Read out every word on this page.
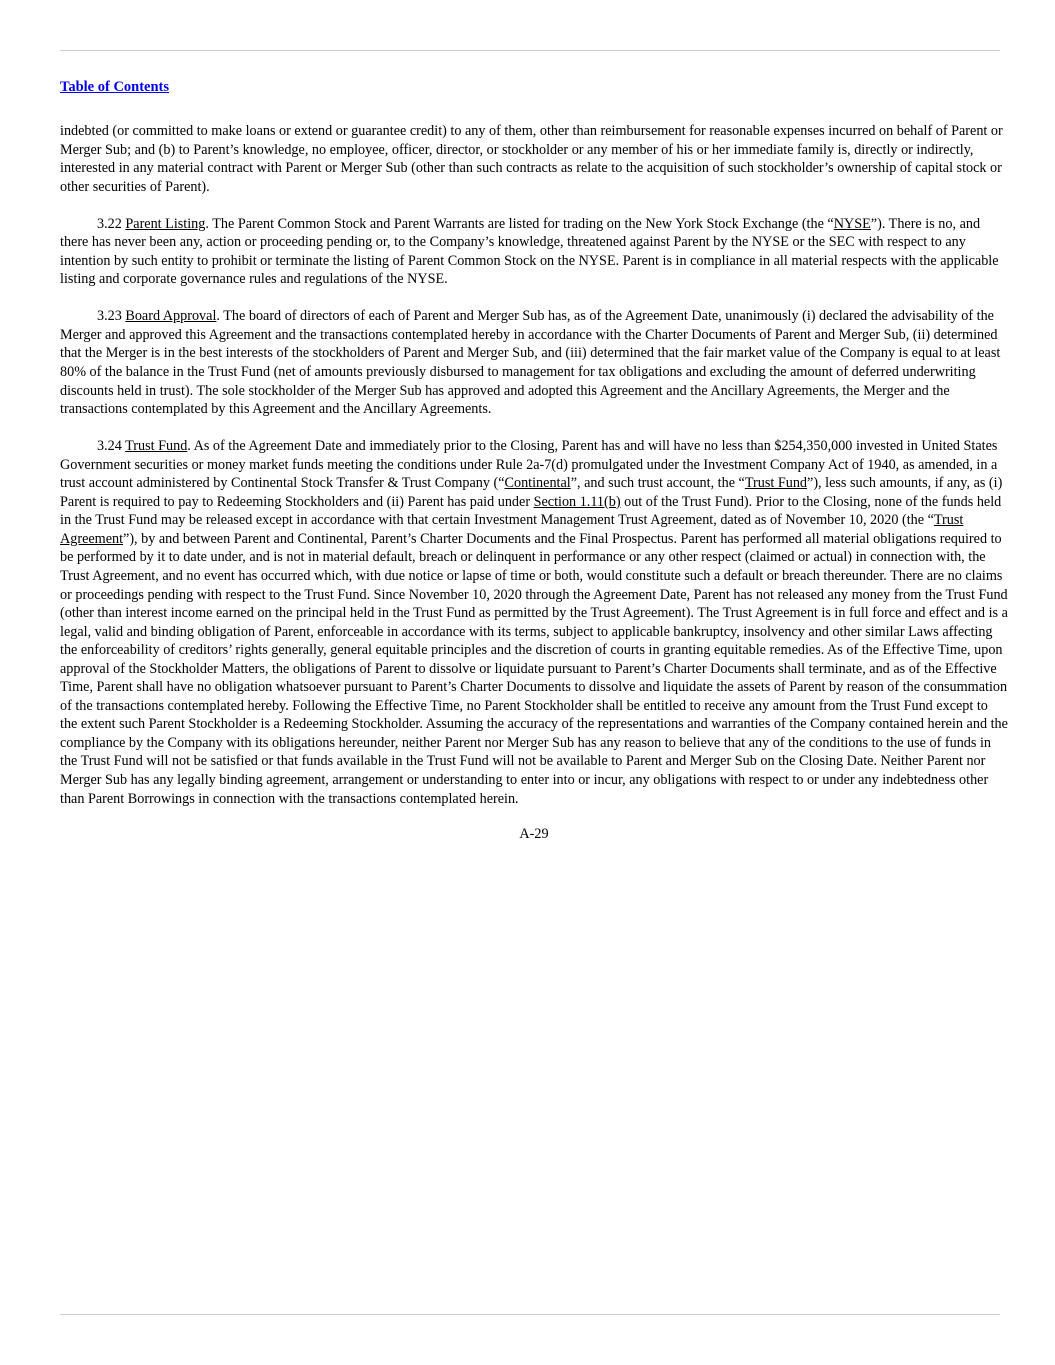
Table of Contents

indebted (or committed to make loans or extend or guarantee credit) to any of them, other than reimbursement for reasonable expenses incurred on behalf of Parent or Merger Sub; and (b) to Parent’s knowledge, no employee, officer, director, or stockholder or any member of his or her immediate family is, directly or indirectly, interested in any material contract with Parent or Merger Sub (other than such contracts as relate to the acquisition of such stockholder’s ownership of capital stock or other securities of Parent).

3.22 Parent Listing. The Parent Common Stock and Parent Warrants are listed for trading on the New York Stock Exchange (the “NYSE”). There is no, and there has never been any, action or proceeding pending or, to the Company’s knowledge, threatened against Parent by the NYSE or the SEC with respect to any intention by such entity to prohibit or terminate the listing of Parent Common Stock on the NYSE. Parent is in compliance in all material respects with the applicable listing and corporate governance rules and regulations of the NYSE.

3.23 Board Approval. The board of directors of each of Parent and Merger Sub has, as of the Agreement Date, unanimously (i) declared the advisability of the Merger and approved this Agreement and the transactions contemplated hereby in accordance with the Charter Documents of Parent and Merger Sub, (ii) determined that the Merger is in the best interests of the stockholders of Parent and Merger Sub, and (iii) determined that the fair market value of the Company is equal to at least 80% of the balance in the Trust Fund (net of amounts previously disbursed to management for tax obligations and excluding the amount of deferred underwriting discounts held in trust). The sole stockholder of the Merger Sub has approved and adopted this Agreement and the Ancillary Agreements, the Merger and the transactions contemplated by this Agreement and the Ancillary Agreements.

3.24 Trust Fund. As of the Agreement Date and immediately prior to the Closing, Parent has and will have no less than $254,350,000 invested in United States Government securities or money market funds meeting the conditions under Rule 2a-7(d) promulgated under the Investment Company Act of 1940, as amended, in a trust account administered by Continental Stock Transfer & Trust Company (“Continental”, and such trust account, the “Trust Fund”), less such amounts, if any, as (i) Parent is required to pay to Redeeming Stockholders and (ii) Parent has paid under Section 1.11(b) out of the Trust Fund). Prior to the Closing, none of the funds held in the Trust Fund may be released except in accordance with that certain Investment Management Trust Agreement, dated as of November 10, 2020 (the “Trust Agreement”), by and between Parent and Continental, Parent’s Charter Documents and the Final Prospectus. Parent has performed all material obligations required to be performed by it to date under, and is not in material default, breach or delinquent in performance or any other respect (claimed or actual) in connection with, the Trust Agreement, and no event has occurred which, with due notice or lapse of time or both, would constitute such a default or breach thereunder. There are no claims or proceedings pending with respect to the Trust Fund. Since November 10, 2020 through the Agreement Date, Parent has not released any money from the Trust Fund (other than interest income earned on the principal held in the Trust Fund as permitted by the Trust Agreement). The Trust Agreement is in full force and effect and is a legal, valid and binding obligation of Parent, enforceable in accordance with its terms, subject to applicable bankruptcy, insolvency and other similar Laws affecting the enforceability of creditors’ rights generally, general equitable principles and the discretion of courts in granting equitable remedies. As of the Effective Time, upon approval of the Stockholder Matters, the obligations of Parent to dissolve or liquidate pursuant to Parent’s Charter Documents shall terminate, and as of the Effective Time, Parent shall have no obligation whatsoever pursuant to Parent’s Charter Documents to dissolve and liquidate the assets of Parent by reason of the consummation of the transactions contemplated hereby. Following the Effective Time, no Parent Stockholder shall be entitled to receive any amount from the Trust Fund except to the extent such Parent Stockholder is a Redeeming Stockholder. Assuming the accuracy of the representations and warranties of the Company contained herein and the compliance by the Company with its obligations hereunder, neither Parent nor Merger Sub has any reason to believe that any of the conditions to the use of funds in the Trust Fund will not be satisfied or that funds available in the Trust Fund will not be available to Parent and Merger Sub on the Closing Date. Neither Parent nor Merger Sub has any legally binding agreement, arrangement or understanding to enter into or incur, any obligations with respect to or under any indebtedness other than Parent Borrowings in connection with the transactions contemplated herein.

A-29
